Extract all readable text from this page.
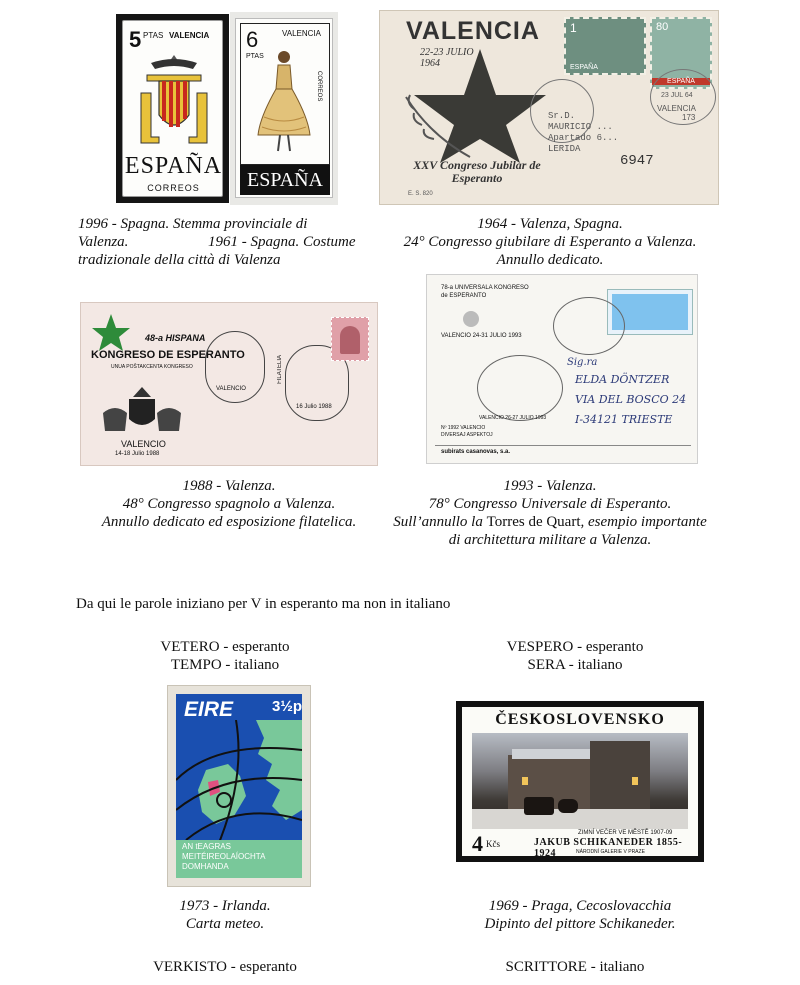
5 PTAS VALENCIA
ESPAÑA
CORREOS
6
PTAS
VALENCIA
CORREOS
ESPAÑA
VALENCIA
22-23 JULIO 1964
XXV Congreso Jubilar de Esperanto
E. S. 820
1
ESPAÑA
80
ESPAÑA
VALENCIA
23 JUL 64
Sr.D.
MAURICIO ...
Apartado 6...
LERIDA
6947
173
1996 - Spagna. Stemma provinciale di
Valenza.	1961 - Spagna. Costume
tradizionale della città di Valenza
1964 - Valenza, Spagna.
24° Congresso giubilare di Esperanto a Valenza.
Annullo dedicato.
48-a HISPANA
KONGRESO DE ESPERANTO
UNUA POŜTAKCENTA KONGRESO
VALENCIO
14-18 Julio 1988
VALENCIO
16 Julio 1988
FILATELIA
78-a UNIVERSALA KONGRESO
de ESPERANTO
VALENCIO 24-31 JULIO 1993
VALENCIO 26-27 JULIO 1993
Sig.ra
ELDA DÖNTZER
VIA DEL BOSCO 24
I-34121 TRIESTE
Nº 1992 VALENCIO
DIVERSAJ ASPEKTOJ
subirats casanovas, s.a.
1988 - Valenza.
48° Congresso spagnolo a Valenza.
Annullo dedicato ed esposizione filatelica.
1993 - Valenza.
78° Congresso Universale di Esperanto.
Sull’annullo la Torres de Quart, esempio importante
di architettura militare a Valenza.
Da qui le parole iniziano per V in esperanto ma non in italiano
VETERO - esperanto
TEMPO - italiano
VESPERO - esperanto
SERA - italiano
EIRE	3½p
AN tEAGRAS
MEITÉIREOLAÍOCHTA
DOMHANDA
ČESKOSLOVENSKO
4 Kčs
ZIMNÍ VEČER VE MĚSTĚ 1907-09
JAKUB SCHIKANEDER 1855-1924	NÁRODNÍ GALERIE V PRAZE
1973 - Irlanda.
Carta meteo.
1969 - Praga, Cecoslovacchia
Dipinto del pittore Schikaneder.
VERKISTO - esperanto	SCRITTORE - italiano
